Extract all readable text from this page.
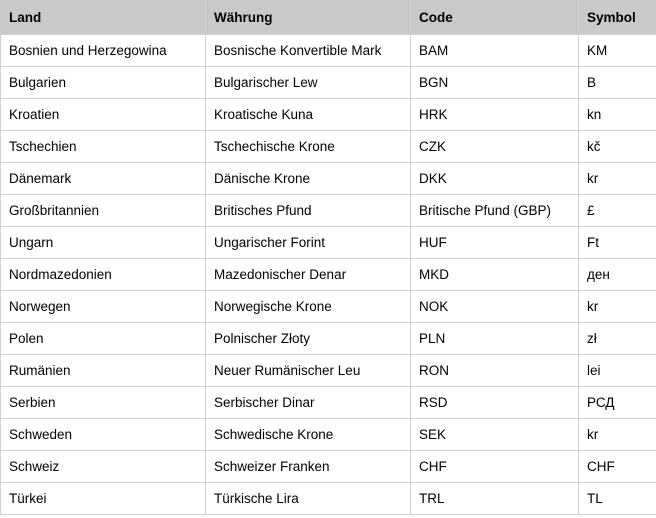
Land	Währung	Code	Symbol
Bosnien und Herzegowina	Bosnische Konvertible Mark	BAM	KM
Bulgarien	Bulgarischer Lew	BGN	B
Kroatien	Kroatische Kuna	HRK	kn
Tschechien	Tschechische Krone	CZK	kč
Dänemark	Dänische Krone	DKK	kr
Großbritannien	Britisches Pfund	Britische Pfund (GBP)	£
Ungarn	Ungarischer Forint	HUF	Ft
Nordmazedonien	Mazedonischer Denar	MKD	ден
Norwegen	Norwegische Krone	NOK	kr
Polen	Polnischer Złoty	PLN	zł
Rumänien	Neuer Rumänischer Leu	RON	lei
Serbien	Serbischer Dinar	RSD	РСД
Schweden	Schwedische Krone	SEK	kr
Schweiz	Schweizer Franken	CHF	CHF
Türkei	Türkische Lira	TRL	TL
